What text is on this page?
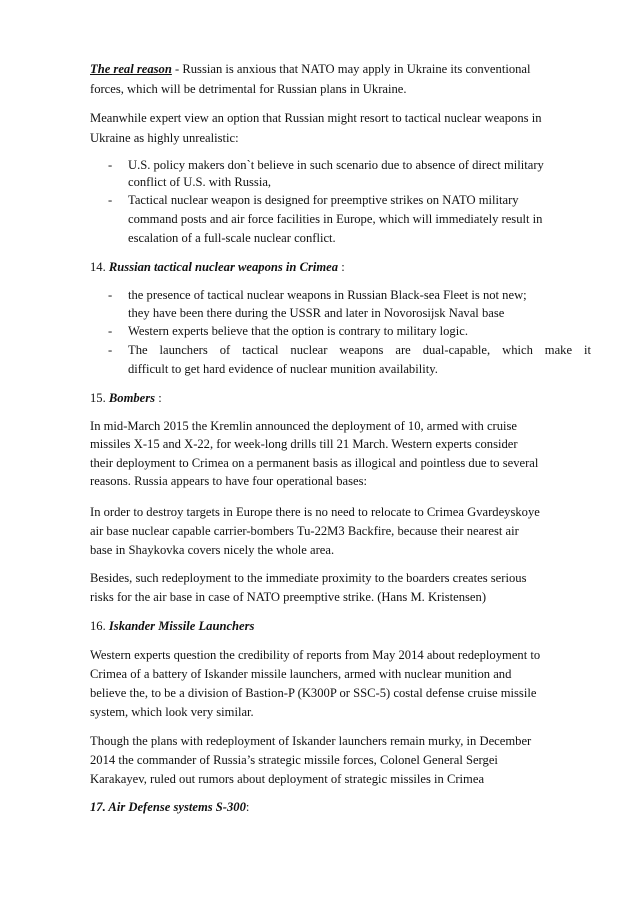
The real reason - Russian is anxious that NATO may apply in Ukraine its conventional
forces, which will be detrimental for Russian plans in Ukraine.
Meanwhile expert view an option that Russian might resort to tactical nuclear weapons in
Ukraine as highly unrealistic:
- U.S. policy makers don`t believe in such scenario due to absence of direct military
conflict of U.S. with Russia,
- Tactical nuclear weapon is designed for preemptive strikes on NATO military
command posts and air force facilities in Europe, which will immediately result in
escalation of a full-scale nuclear conflict.
14. Russian tactical nuclear weapons in Crimea :
- the presence of tactical nuclear weapons in Russian Black-sea Fleet is not new;
they have been there during the USSR and later in Novorosijsk Naval base
- Western experts believe that the option is contrary to military logic.
- The launchers of tactical nuclear weapons are dual-capable, which make it
difficult to get hard evidence of nuclear munition availability.
15. Bombers :
In mid-March 2015 the Kremlin announced the deployment of 10, armed with cruise
missiles X-15 and X-22, for week-long drills till 21 March. Western experts consider
their deployment to Crimea on a permanent basis as illogical and pointless due to several
reasons. Russia appears to have four operational bases:
In order to destroy targets in Europe there is no need to relocate to Crimea Gvardeyskoye
air base nuclear capable carrier-bombers Tu-22M3 Backfire, because their nearest air
base in Shaykovka covers nicely the whole area.
Besides, such redeployment to the immediate proximity to the boarders creates serious
risks for the air base in case of NATO preemptive strike. (Hans M. Kristensen)
16. Iskander Missile Launchers
Western experts question the credibility of reports from May 2014 about redeployment to
Crimea of a battery of Iskander missile launchers, armed with nuclear munition and
believe the, to be a division of Bastion-P (K300P or SSC-5) costal defense cruise missile
system, which look very similar.
Though the plans with redeployment of Iskander launchers remain murky, in December
2014 the commander of Russia’s strategic missile forces, Colonel General Sergei
Karakayev, ruled out rumors about deployment of strategic missiles in Crimea
17. Air Defense systems S-300:
